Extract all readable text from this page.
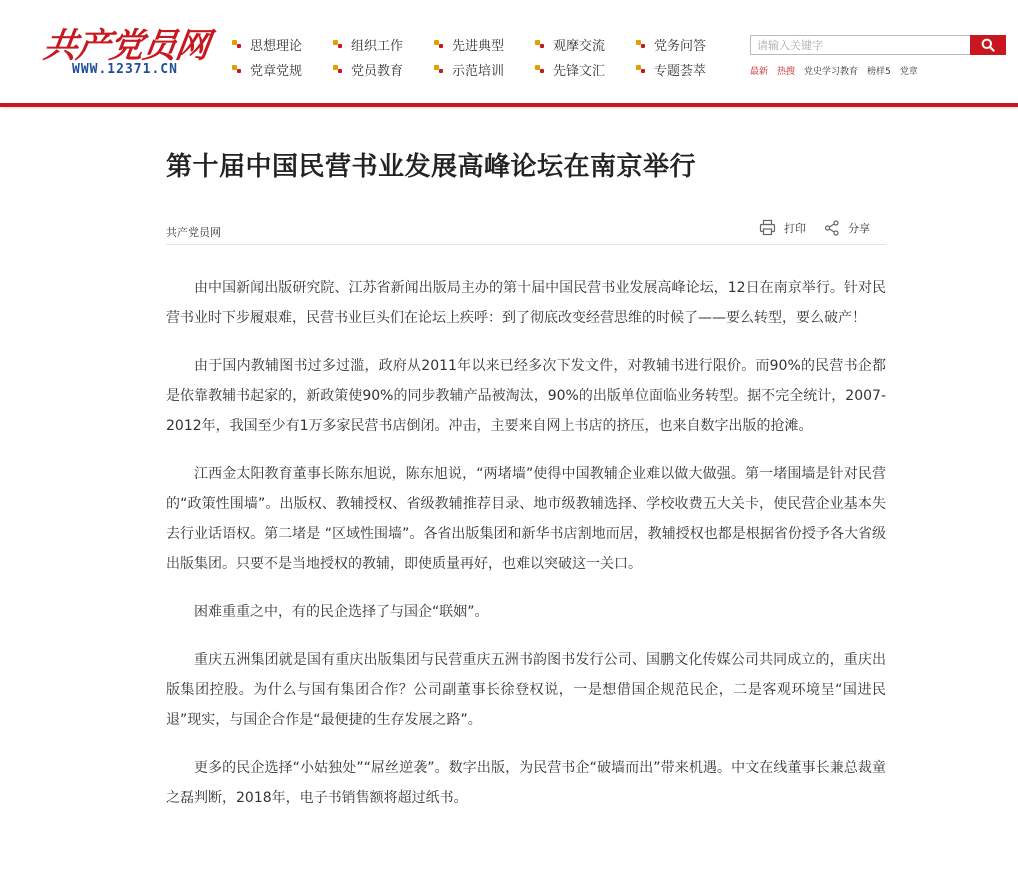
共产党员网
WWW.12371.CN
思想理论	组织工作	先进典型	观摩交流	党务问答
党章党规	党员教育	示范培训	先锋文汇	专题荟萃
请输入关键字	最新 热搜 党史学习教育 榜样5 党章
第十届中国民营书业发展高峰论坛在南京举行
共产党员网	打印	分享

由中国新闻出版研究院、江苏省新闻出版局主办的第十届中国民营书业发展高峰论坛，12日在南京举行。针对民营书业时下步履艰难，民营书业巨头们在论坛上疾呼：到了彻底改变经营思维的时候了——要么转型，要么破产！

由于国内教辅图书过多过滥，政府从2011年以来已经多次下发文件，对教辅书进行限价。而90%的民营书企都是依靠教辅书起家的，新政策使90%的同步教辅产品被淘汰，90%的出版单位面临业务转型。据不完全统计，2007-2012年，我国至少有1万多家民营书店倒闭。冲击，主要来自网上书店的挤压，也来自数字出版的抢滩。

江西金太阳教育董事长陈东旭说，陈东旭说，“两堵墙”使得中国教辅企业难以做大做强。第一堵围墙是针对民营的“政策性围墙”。出版权、教辅授权、省级教辅推荐目录、地市级教辅选择、学校收费五大关卡，使民营企业基本失去行业话语权。第二堵是 “区域性围墙”。各省出版集团和新华书店割地而居，教辅授权也都是根据省份授予各大省级出版集团。只要不是当地授权的教辅，即使质量再好，也难以突破这一关口。

困难重重之中，有的民企选择了与国企“联姻”。

重庆五洲集团就是国有重庆出版集团与民营重庆五洲书韵图书发行公司、国鹏文化传媒公司共同成立的，重庆出版集团控股。为什么与国有集团合作？公司副董事长徐登权说，一是想借国企规范民企，二是客观环境呈“国进民退”现实，与国企合作是“最便捷的生存发展之路”。

更多的民企选择“小姑独处”“屌丝逆袭”。数字出版，为民营书企“破墙而出”带来机遇。中文在线董事长兼总裁童之磊判断，2018年，电子书销售额将超过纸书。
